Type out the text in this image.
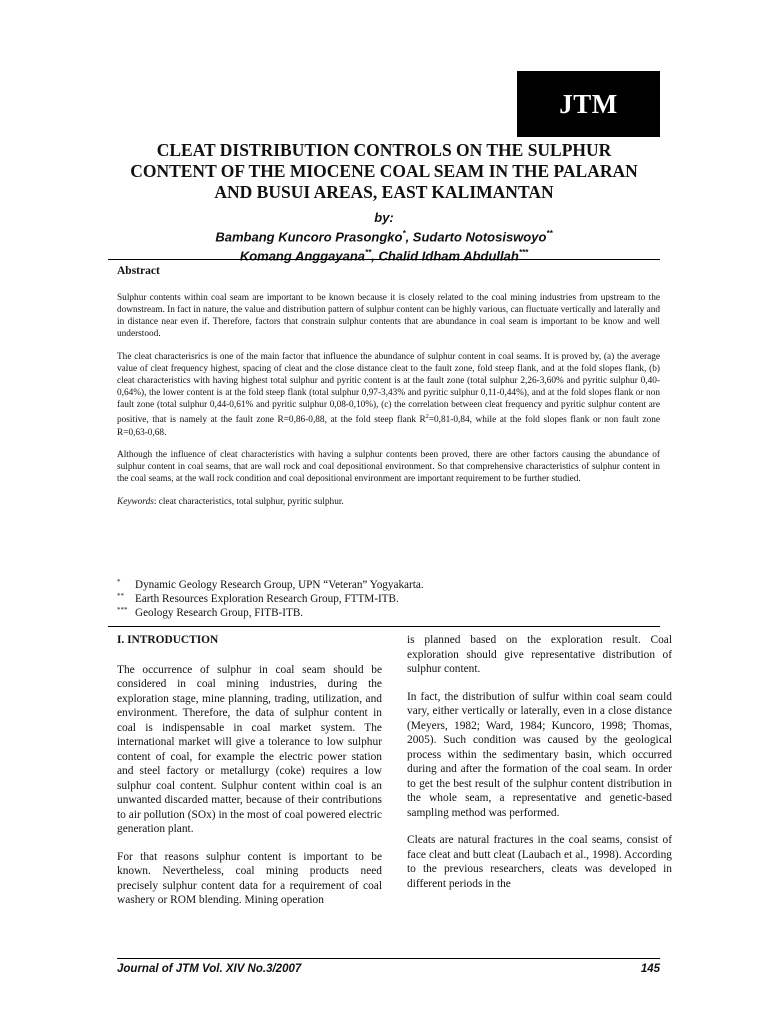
JTM
CLEAT DISTRIBUTION CONTROLS ON THE SULPHUR
CONTENT OF THE MIOCENE COAL SEAM IN THE PALARAN
AND BUSUI AREAS, EAST KALIMANTAN
by:
Bambang Kuncoro Prasongko*, Sudarto Notosiswoyo**
Komang Anggayana**, Chalid Idham Abdullah***
Abstract

Sulphur contents within coal seam are important to be known because it is closely related to the coal mining industries from upstream to the downstream. In fact in nature, the value and distribution pattern of sulphur content can be highly various, can fluctuate vertically and laterally and in distance near even if. Therefore, factors that constrain sulphur contents that are abundance in coal seam is important to be know and well understood.

The cleat characterisrics is one of the main factor that influence the abundance of sulphur content in coal seams. It is proved by, (a) the average value of cleat frequency highest, spacing of cleat and the close distance cleat to the fault zone, fold steep flank, and at the fold slopes flank, (b) cleat characteristics with having highest total sulphur and pyritic content is at the fault zone (total sulphur 2,26-3,60% and pyritic sulphur 0,40-0,64%), the lower content is at the fold steep flank (total sulphur 0,97-3,43% and pyritic sulphur 0,11-0,44%), and at the fold slopes flank or non fault zone (total sulphur 0,44-0,61% and pyritic sulphur 0,08-0,10%), (c) the correlation between cleat frequency and pyritic sulphur content are positive, that is namely at the fault zone R=0,86-0,88, at the fold steep flank $R^2=0,81-0,84$, while at the fold slopes flank or non fault zone R=0,63-0,68.

Although the influence of cleat characteristics with having a sulphur contents been proved, there are other factors causing the abundance of sulphur content in coal seams, that are wall rock and coal depositional environment. So that comprehensive characteristics of sulphur content in the coal seams, at the wall rock condition and coal depositional environment are important requirement to be further studied.

Keywords: cleat characteristics, total sulphur, pyritic sulphur.

*	Dynamic Geology Research Group, UPN “Veteran” Yogyakarta.
** Earth Resources Exploration Research Group, FTTM-ITB.
*** Geology Research Group, FITB-ITB.
I. INTRODUCTION

The occurrence of sulphur in coal seam should be considered in coal mining industries, during the exploration stage, mine planning, trading, utilization, and environment. Therefore, the data of sulphur content in coal is indispensable in coal market system. The international market will give a tolerance to low sulphur content of coal, for example the electric power station and steel factory or metallurgy (coke) requires a low sulphur coal content. Sulphur content within coal is an unwanted discarded matter, because of their contributions to air pollution (SOx) in the most of coal powered electric generation plant.

For that reasons sulphur content is important to be known. Nevertheless, coal mining products need precisely sulphur content data for a requirement of coal washery or ROM blending. Mining operation

is planned based on the exploration result. Coal exploration should give representative distribution of sulphur content.

In fact, the distribution of sulfur within coal seam could vary, either vertically or laterally, even in a close distance (Meyers, 1982; Ward, 1984; Kuncoro, 1998; Thomas, 2005). Such condition was caused by the geological process within the sedimentary basin, which occurred during and after the formation of the coal seam. In order to get the best result of the sulphur content distribution in the whole seam, a representative and genetic-based sampling method was performed.

Cleats are natural fractures in the coal seams, consist of face cleat and butt cleat (Laubach et al., 1998). According to the previous researchers, cleats was developed in different periods in the

Journal of JTM Vol. XIV No.3/2007	145
